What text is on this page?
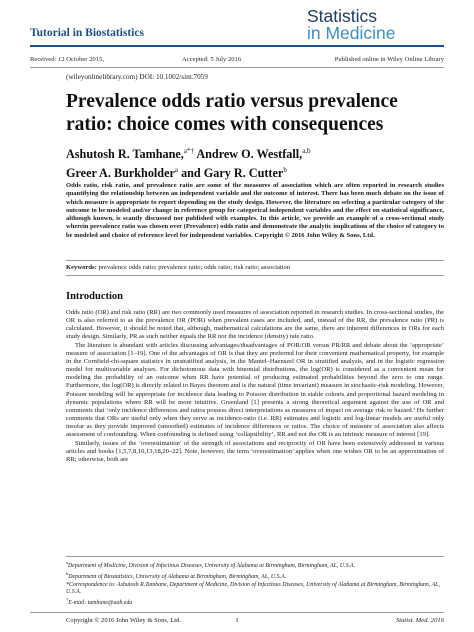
Tutorial in Biostatistics
Statistics
in Medicine
Received: 12 October 2015,	Accepted: 5 July 2016	Published online in Wiley Online Library
(wileyonlinelibrary.com) DOI: 10.1002/sim.7059
Prevalence odds ratio versus prevalence ratio: choice comes with consequences
Ashutosh R. Tamhane,$^{a*\dagger}$ Andrew O. Westfall,$^{a,b}$
Greer A. Burkholder$^a$ and Gary R. Cutter$^b$
Odds ratio, risk ratio, and prevalence ratio are some of the measures of association which are often reported in research studies quantifying the relationship between an independent variable and the outcome of interest. There has been much debate on the issue of which measure is appropriate to report depending on the study design. However, the literature on selecting a particular category of the outcome to be modeled and/or change in reference group for categorical independent variables and the effect on statistical significance, although known, is scantly discussed nor published with examples. In this article, we provide an example of a cross-sectional study wherein prevalence ratio was chosen over (Prevalence) odds ratio and demonstrate the analytic implications of the choice of category to be modeled and choice of reference level for independent variables. Copyright © 2016 John Wiley & Sons, Ltd.
Keywords: prevalence odds ratio; prevalence ratio; odds ratio; risk ratio; association
Introduction

Odds ratio (OR) and risk ratio (RR) are two commonly used measures of association reported in research studies. In cross-sectional studies, the OR is also referred to as the prevalence OR (POR) when prevalent cases are included, and, instead of the RR, the prevalence ratio (PR) is calculated. However, it should be noted that, although, mathematical calculations are the same, there are inherent differences in ORs for each study design. Similarly, PR as such neither equals the RR nor the incidence (density) rate ratio.

The literature is abundant with articles discussing advantages/disadvantages of POR/OR versus PR/RR and debate about the ‘appropriate’ measure of association [1–19]. One of the advantages of OR is that they are preferred for their convenient mathematical property, for example in the Cornfield-chi-square statistics in unstratified analysis, in the Mantel–Haenszel OR in stratified analysis, and in the logistic regression model for multivariable analyses. For dichotomous data with binomial distributions, the log(OR) is considered as a convenient mean for modeling the probability of an outcome when RR have potential of producing estimated probabilities beyond the zero to one range. Furthermore, the log(OR) is directly related to Bayes theorem and is the natural (time invariant) measure in stochastic-risk modeling. However, Poisson modeling will be appropriate for incidence data leading to Poisson distribution in stable cohorts and proportional hazard modeling in dynamic populations where RR will be more intuitive. Greenland [1] presents a strong theoretical argument against the use of OR and comments that ‘only incidence differences and ratios possess direct interpretations as measures of impact on average risk or hazard.’ He further comments that ORs are useful only when they serve as incidence-ratio (i.e. RR) estimates and logistic and log-linear models are useful only insofar as they provide improved (smoothed) estimates of incidence differences or ratios. The choice of measure of association also affects assessment of confounding. When confounding is defined using ‘collapsibility’, RR and not the OR is an intrinsic measure of interest [19].

Similarly, issues of the ‘overestimation’ of the strength of associations and reciprocity of OR have been extensively addressed in various articles and books [1,5,7,8,10,13,18,20–22]. Note, however, the term ‘overestimation’ applies when one wishes OR to be an approximation of RR; otherwise, both are

$^a$Department of Medicine, Division of Infectious Diseases, University of Alabama at Birmingham, Birmingham, AL, U.S.A.
$^b$Department of Biostatistics, University of Alabama at Birmingham, Birmingham, AL, U.S.A.
*Correspondence to: Ashutosh R.Tamhane, Department of Medicine, Division of Infectious Diseases, University of Alabama at Birmingham, Birmingham, AL, U.S.A.
†E-mail: tamhane@uab.edu
Copyright © 2016 John Wiley & Sons, Ltd.	1	Statist. Med. 2016
